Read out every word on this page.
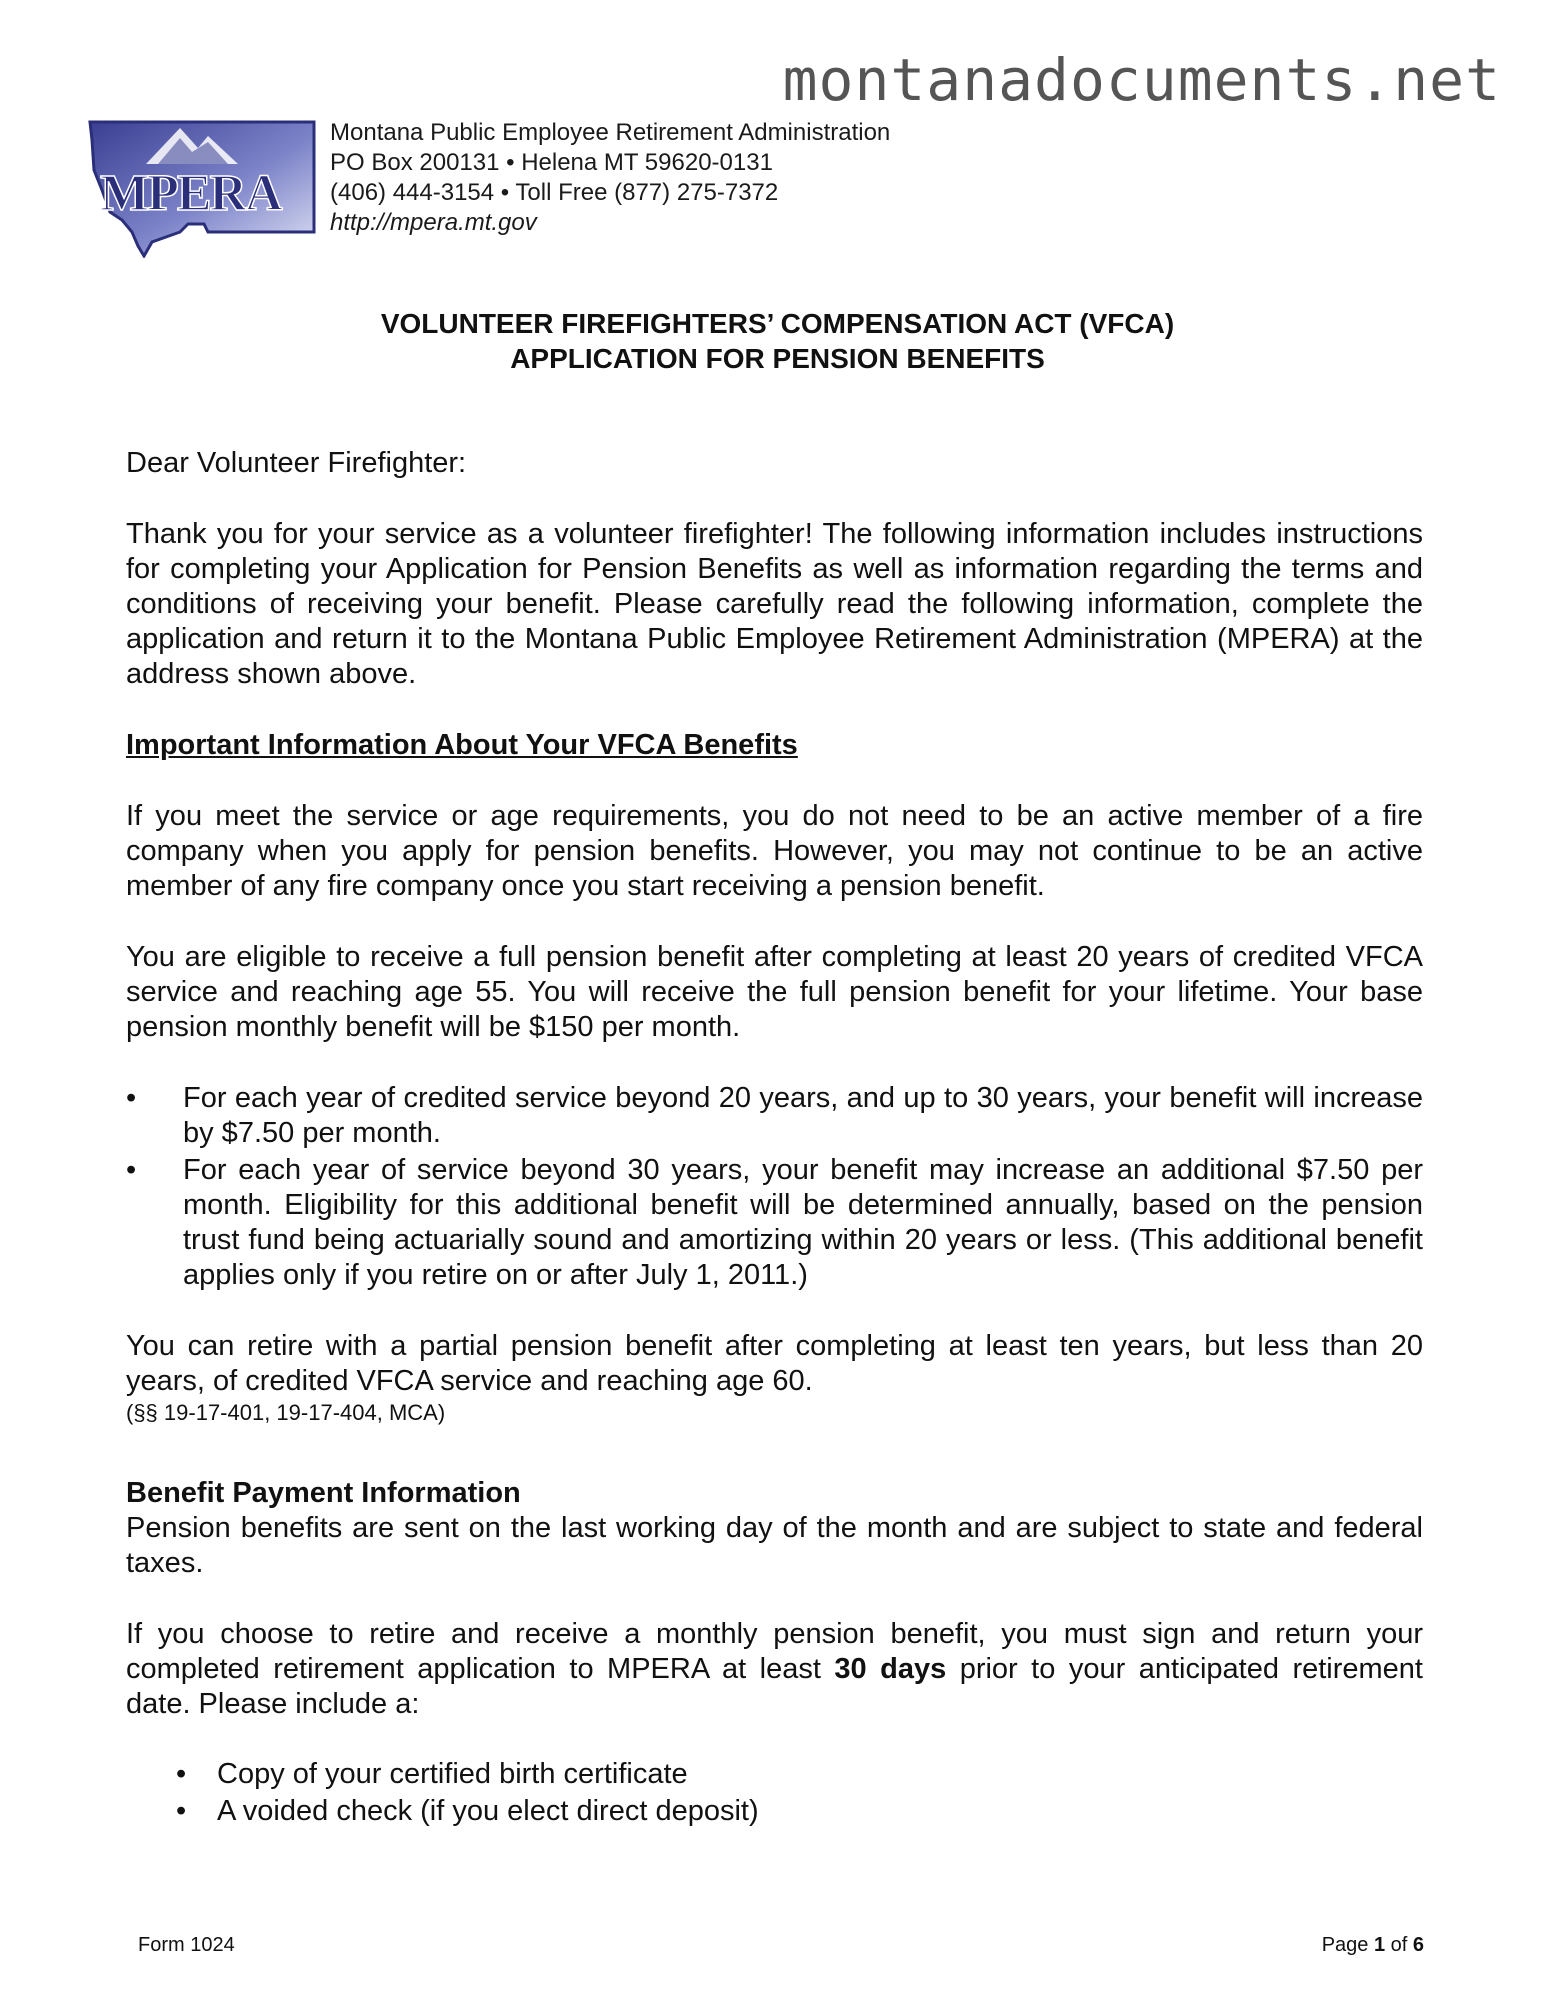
montanadocuments.net
MPERA
Montana Public Employee Retirement Administration
PO Box 200131 • Helena MT 59620-0131
(406) 444-3154 • Toll Free (877) 275-7372
http://mpera.mt.gov
VOLUNTEER FIREFIGHTERS’ COMPENSATION ACT (VFCA)
APPLICATION FOR PENSION BENEFITS

Dear Volunteer Firefighter:

Thank you for your service as a volunteer firefighter! The following information includes instructions for completing your Application for Pension Benefits as well as information regarding the terms and conditions of receiving your benefit. Please carefully read the following information, complete the application and return it to the Montana Public Employee Retirement Administration (MPERA) at the address shown above.

Important Information About Your VFCA Benefits

If you meet the service or age requirements, you do not need to be an active member of a fire company when you apply for pension benefits. However, you may not continue to be an active member of any fire company once you start receiving a pension benefit.

You are eligible to receive a full pension benefit after completing at least 20 years of credited VFCA service and reaching age 55. You will receive the full pension benefit for your lifetime. Your base pension monthly benefit will be $150 per month.

• For each year of credited service beyond 20 years, and up to 30 years, your benefit will increase by $7.50 per month.
• For each year of service beyond 30 years, your benefit may increase an additional $7.50 per month. Eligibility for this additional benefit will be determined annually, based on the pension trust fund being actuarially sound and amortizing within 20 years or less. (This additional benefit applies only if you retire on or after July 1, 2011.)

You can retire with a partial pension benefit after completing at least ten years, but less than 20 years, of credited VFCA service and reaching age 60.

(§§ 19-17-401, 19-17-404, MCA)

Benefit Payment Information

Pension benefits are sent on the last working day of the month and are subject to state and federal taxes.

If you choose to retire and receive a monthly pension benefit, you must sign and return your completed retirement application to MPERA at least 30 days prior to your anticipated retirement date. Please include a:

• Copy of your certified birth certificate
• A voided check (if you elect direct deposit)
Form 1024	Page 1 of 6
